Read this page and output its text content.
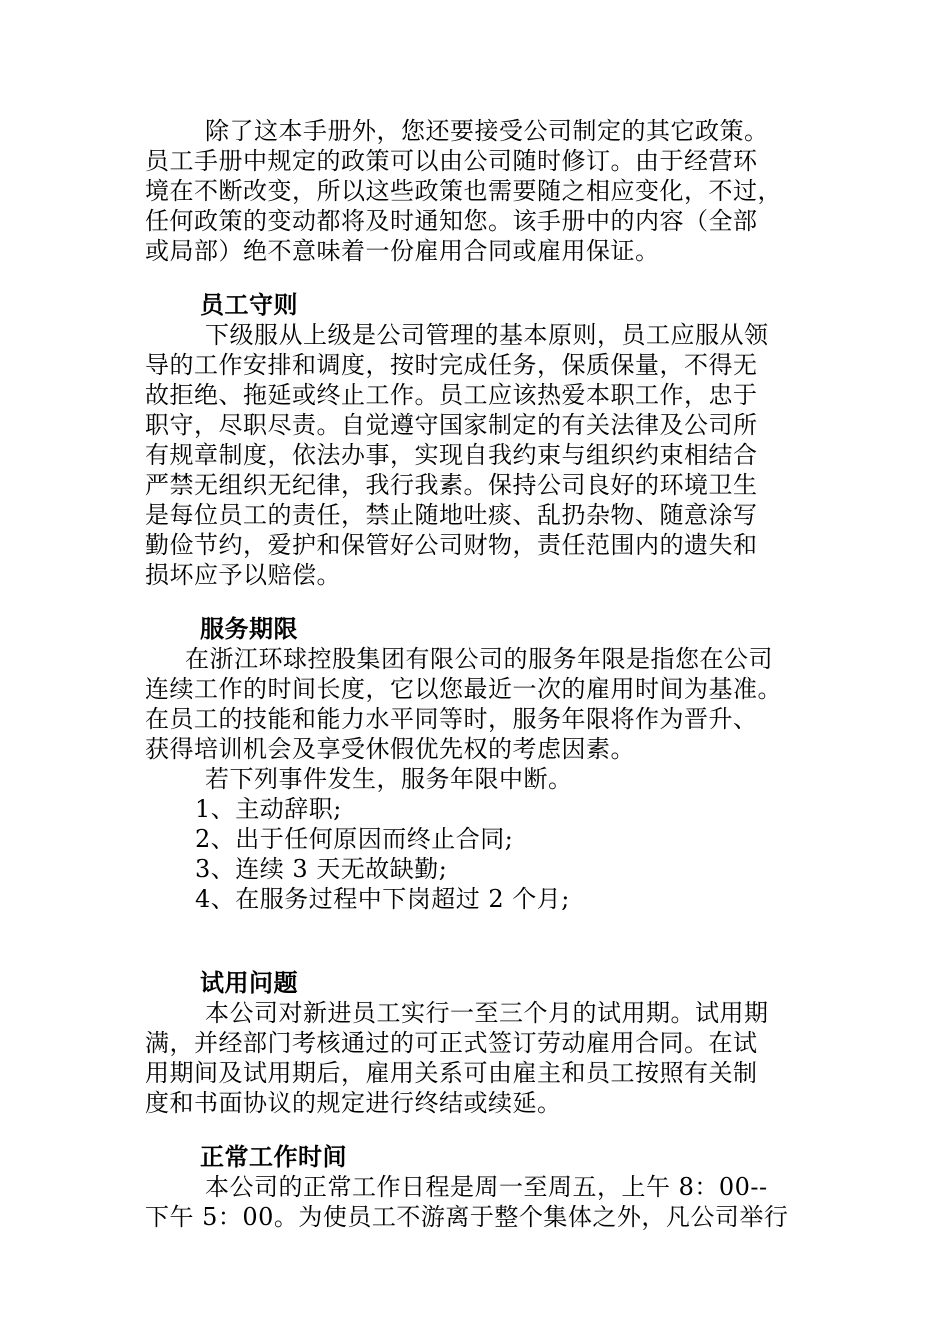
除了这本手册外，您还要接受公司制定的其它政策。
员工手册中规定的政策可以由公司随时修订。由于经营环
境在不断改变，所以这些政策也需要随之相应变化，不过，
任何政策的变动都将及时通知您。该手册中的内容（全部
或局部）绝不意味着一份雇用合同或雇用保证。
员工守则
下级服从上级是公司管理的基本原则，员工应服从领
导的工作安排和调度，按时完成任务，保质保量，不得无
故拒绝、拖延或终止工作。员工应该热爱本职工作，忠于
职守，尽职尽责。自觉遵守国家制定的有关法律及公司所
有规章制度，依法办事，实现自我约束与组织约束相结合
严禁无组织无纪律，我行我素。保持公司良好的环境卫生
是每位员工的责任，禁止随地吐痰、乱扔杂物、随意涂写
勤俭节约，爱护和保管好公司财物，责任范围内的遗失和
损坏应予以赔偿。
服务期限
在浙江环球控股集团有限公司的服务年限是指您在公司
连续工作的时间长度，它以您最近一次的雇用时间为基准。
在员工的技能和能力水平同等时，服务年限将作为晋升、
获得培训机会及享受休假优先权的考虑因素。
若下列事件发生，服务年限中断。
1、主动辞职;
2、出于任何原因而终止合同;
3、连续 3 天无故缺勤;
4、在服务过程中下岗超过 2 个月;
试用问题
本公司对新进员工实行一至三个月的试用期。试用期
满，并经部门考核通过的可正式签订劳动雇用合同。在试
用期间及试用期后，雇用关系可由雇主和员工按照有关制
度和书面协议的规定进行终结或续延。
正常工作时间
本公司的正常工作日程是周一至周五，上午 8：00--
下午 5：00。为使员工不游离于整个集体之外，凡公司举行
